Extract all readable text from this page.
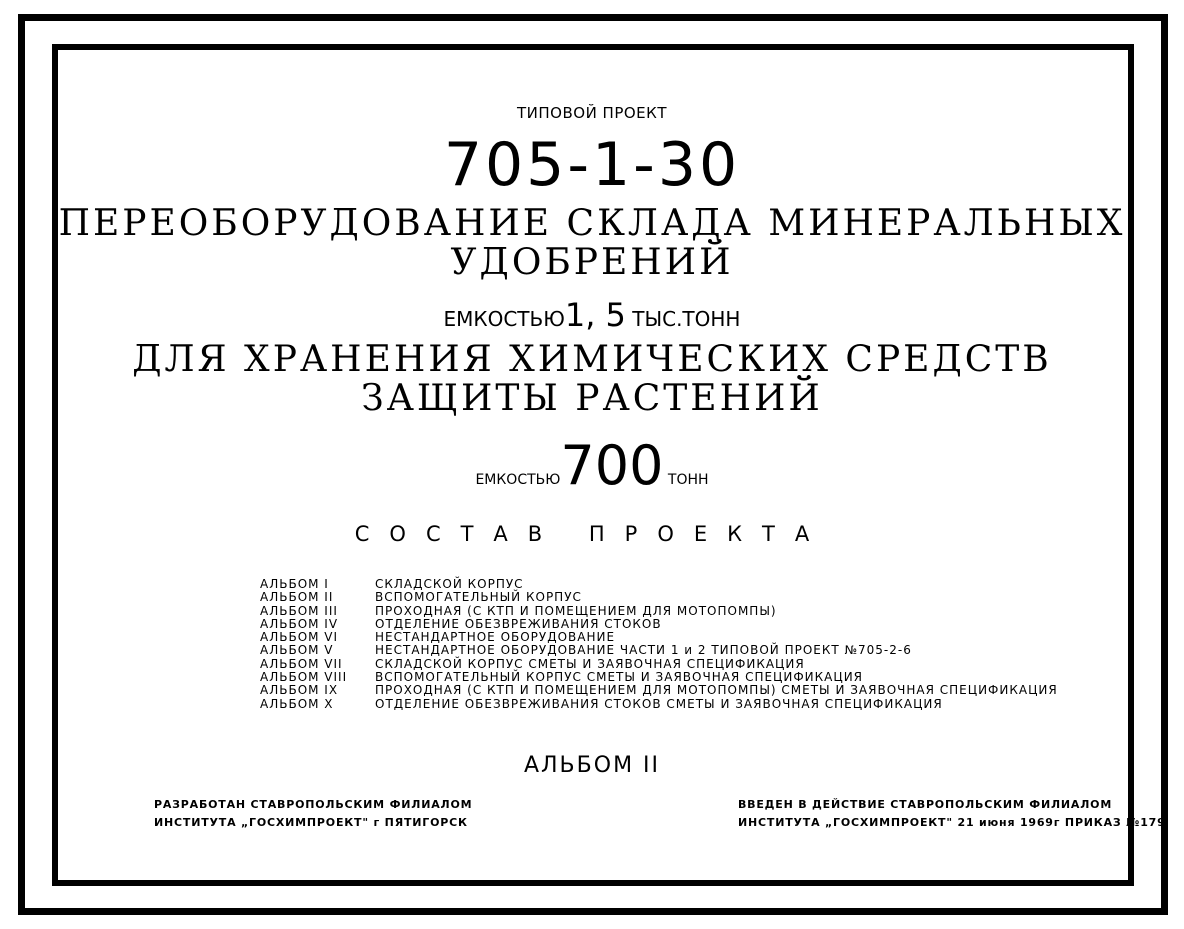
ТИПОВОЙ ПРОЕКТ
705-1-30
ПЕРЕОБОРУДОВАНИЕ СКЛАДА МИНЕРАЛЬНЫХ
УДОБРЕНИЙ
ЕМКОСТЬЮ1, 5 ТЫС.ТОНН
ДЛЯ ХРАНЕНИЯ ХИМИЧЕСКИХ СРЕДСТВ
ЗАЩИТЫ РАСТЕНИЙ
ЕМКОСТЬЮ700 ТОНН
СОСТАВ ПРОЕКТА
АЛЬБОМ I	СКЛАДСКОЙ КОРПУС
АЛЬБОМ II	ВСПОМОГАТЕЛЬНЫЙ КОРПУС
АЛЬБОМ III	ПРОХОДНАЯ (С КТП И ПОМЕЩЕНИЕМ ДЛЯ МОТОПОМПЫ)
АЛЬБОМ IV	ОТДЕЛЕНИЕ ОБЕЗВРЕЖИВАНИЯ СТОКОВ
АЛЬБОМ VI	НЕСТАНДАРТНОЕ ОБОРУДОВАНИЕ
АЛЬБОМ V	НЕСТАНДАРТНОЕ ОБОРУДОВАНИЕ ЧАСТИ 1 и 2 ТИПОВОЙ ПРОЕКТ №705-2-6
АЛЬБОМ VII	СКЛАДСКОЙ КОРПУС СМЕТЫ И ЗАЯВОЧНАЯ СПЕЦИФИКАЦИЯ
АЛЬБОМ VIII	ВСПОМОГАТЕЛЬНЫЙ КОРПУС СМЕТЫ И ЗАЯВОЧНАЯ СПЕЦИФИКАЦИЯ
АЛЬБОМ IX	ПРОХОДНАЯ (С КТП И ПОМЕЩЕНИЕМ ДЛЯ МОТОПОМПЫ) СМЕТЫ И ЗАЯВОЧНАЯ СПЕЦИФИКАЦИЯ
АЛЬБОМ X	ОТДЕЛЕНИЕ ОБЕЗВРЕЖИВАНИЯ СТОКОВ СМЕТЫ И ЗАЯВОЧНАЯ СПЕЦИФИКАЦИЯ
АЛЬБОМ II
РАЗРАБОТАН СТАВРОПОЛЬСКИМ ФИЛИАЛОМ
ИНСТИТУТА „ГОСХИМПРОЕКТ" г ПЯТИГОРСК
ВВЕДЕН В ДЕЙСТВИЕ СТАВРОПОЛЬСКИМ ФИЛИАЛОМ
ИНСТИТУТА „ГОСХИМПРОЕКТ" 21 июня 1969г ПРИКАЗ №179
